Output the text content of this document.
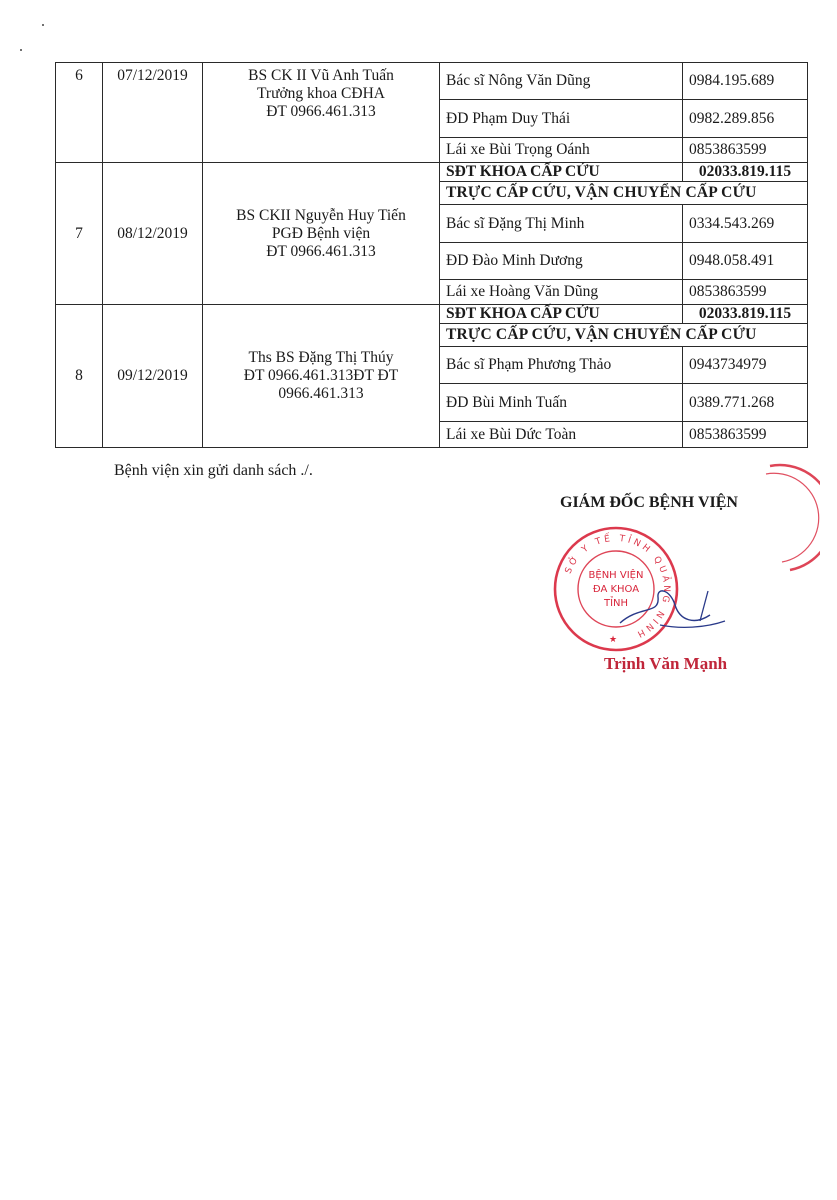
6	07/12/2019	BS CK II Vũ Anh Tuấn
Trưởng khoa CĐHA
ĐT 0966.461.313	Bác sĩ Nông Văn Dũng	0984.195.689
			ĐD Phạm Duy Thái	0982.289.856
			Lái xe Bùi Trọng Oánh	0853863599
7	08/12/2019	BS CKII Nguyễn Huy Tiến
PGĐ Bệnh viện
ĐT 0966.461.313	SĐT KHOA CẤP CỨU	02033.819.115
			TRỰC CẤP CỨU, VẬN CHUYỂN CẤP CỨU	
			Bác sĩ Đặng Thị Minh	0334.543.269
			ĐD Đào Minh Dương	0948.058.491
			Lái xe Hoàng Văn Dũng	0853863599
8	09/12/2019	Ths BS Đặng Thị Thúy
ĐT 0966.461.313ĐT ĐT
0966.461.313	SĐT KHOA CẤP CỨU	02033.819.115
			TRỰC CẤP CỨU, VẬN CHUYỂN CẤP CỨU	
			Bác sĩ Phạm Phương Thảo	0943734979
			ĐD Bùi Minh Tuấn	0389.771.268
			Lái xe Bùi Dức Toàn	0853863599
Bệnh viện xin gửi danh sách ./.
GIÁM ĐỐC BỆNH VIỆN
SỞ Y TẾ TỈNH QUẢNG NINH
BỆNH VIỆN
ĐA KHOA
TỈNH
★
Trịnh Văn Mạnh
